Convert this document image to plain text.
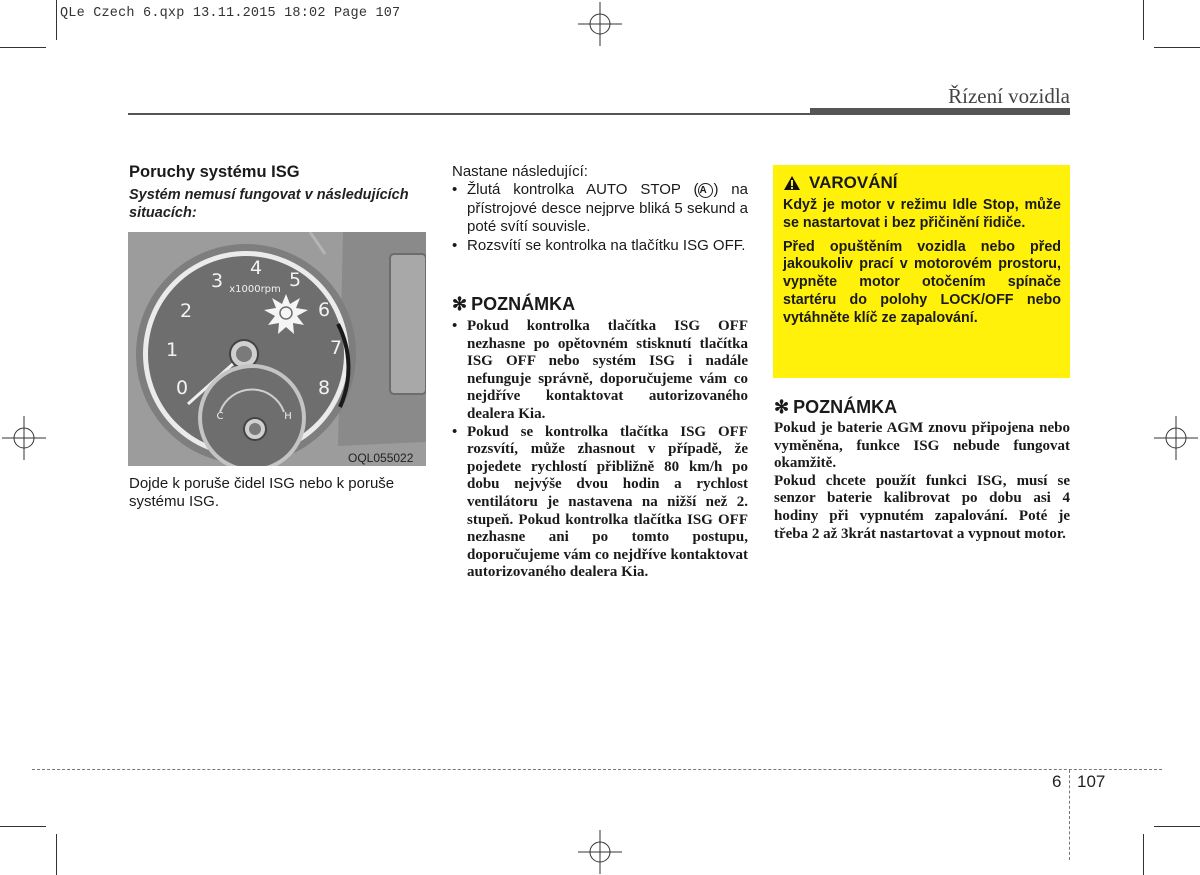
QLe Czech 6.qxp 13.11.2015 18:02 Page 107
Řízení vozidla
Poruchy systému ISG
Systém nemusí fungovat v následujících situacích:
0
1
2
3
4
5
6
7
8
x1000rpm
C	H
OQL055022
Dojde k poruše čidel ISG nebo k poruše systému ISG.
Nastane následující:
• Žlutá kontrolka AUTO STOP (A ) na přístrojové desce nejprve bliká 5 sekund a poté svítí souvisle.
• Rozsvítí se kontrolka na tlačítku ISG OFF.
✻ POZNÁMKA
• Pokud kontrolka tlačítka ISG OFF nezhasne po opětovném stisknutí tlačítka ISG OFF nebo systém ISG i nadále nefunguje správně, doporučujeme vám co nejdříve kontaktovat autorizovaného dealera Kia.
• Pokud se kontrolka tlačítka ISG OFF rozsvítí, může zhasnout v případě, že pojedete rychlostí přibližně 80 km/h po dobu nejvýše dvou hodin a rychlost ventilátoru je nastavena na nižší než 2. stupeň. Pokud kontrolka tlačítka ISG OFF nezhasne ani po tomto postupu, doporučujeme vám co nejdříve kontaktovat autorizovaného dealera Kia.
VAROVÁNÍ

Když je motor v režimu Idle Stop, může se nastartovat i bez přičinění řidiče.

Před opuštěním vozidla nebo před jakoukoliv prací v motorovém prostoru, vypněte motor otočením spínače startéru do polohy LOCK/OFF nebo vytáhněte klíč ze zapalování.

✻ POZNÁMKA

Pokud je baterie AGM znovu připojena nebo vyměněna, funkce ISG nebude fungovat okamžitě.

Pokud chcete použít funkci ISG, musí se senzor baterie kalibrovat po dobu asi 4 hodiny při vypnutém zapalování. Poté je třeba 2 až 3krát nastartovat a vypnout motor.

6 107
